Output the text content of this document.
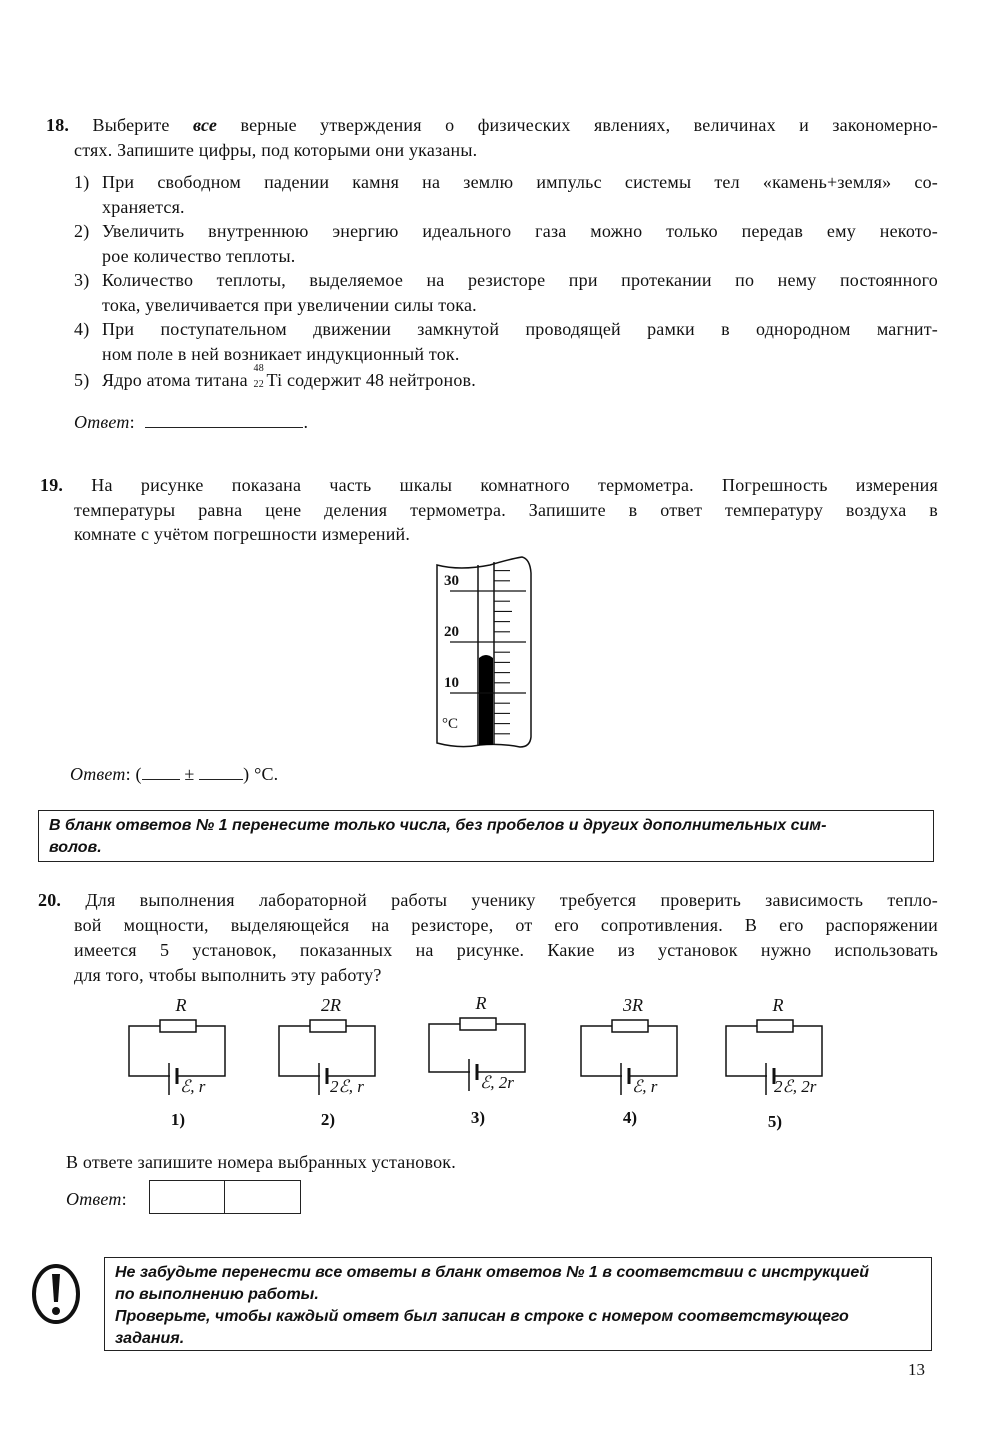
18. Выберите все верные утверждения о физических явлениях, величинах и закономерно-
стях. Запишите цифры, под которыми они указаны.
1) При свободном падении камня на землю импульс системы тел «камень+земля» со-
храняется.
2) Увеличить внутреннюю энергию идеального газа можно только передав ему некото-
рое количество теплоты.
3) Количество теплоты, выделяемое на резисторе при протекании по нему постоянного
тока, увеличивается при увеличении силы тока.
4) При поступательном движении замкнутой проводящей рамки в однородном магнит-
ном поле в ней возникает индукционный ток.
5) Ядро атома титана
48
22 Ti содержит 48 нейтронов.
Ответ:	.
19. На рисунке показана часть шкалы комнатного термометра. Погрешность измерения
температуры равна цене деления термометра. Запишите в ответ температуру воздуха в
комнате с учётом погрешности измерений.
30
20
10
°C
Ответ: ( ±	) °C.
В бланк ответов № 1 перенесите только числа, без пробелов и других дополнительных сим-
волов.
20. Для выполнения лабораторной работы ученику требуется проверить зависимость тепло-
вой мощности, выделяющейся на резисторе, от его сопротивления. В его распоряжении
имеется 5 установок, показанных на рисунке. Какие из установок нужно использовать
для того, чтобы выполнить эту работу?
R
ℰ, r
1)
2R
2ℰ, r
2)
R
ℰ, 2r
3)
3R
ℰ, r
4)
R
2ℰ, 2r
5)
В ответе запишите номера выбранных установок.
Ответ:
Не забудьте перенести все ответы в бланк ответов № 1 в соответствии с инструкцией
по выполнению работы.
Проверьте, чтобы каждый ответ был записан в строке с номером соответствующего
задания.
13
